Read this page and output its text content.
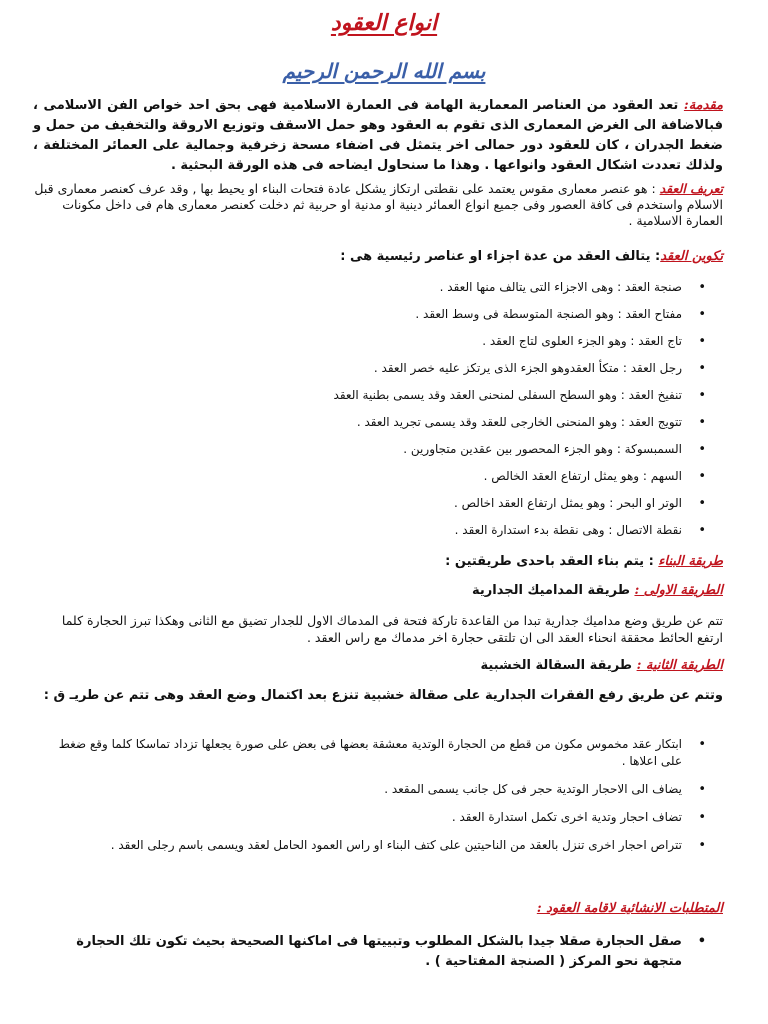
انواع العقود
بسم الله الرحمن الرحيم
مقدمة: تعد العقود من العناصر المعمارية الهامة فى العمارة الاسلامية فهى بحق احد خواص الفن الاسلامى ، فبالاضافة الى الغرض المعمارى الذى تقوم به العقود وهو حمل الاسقف وتوزيع الاروقة والتخفيف من حمل و ضغط الجدران ، كان للعقود دور حمالى اخر يتمثل فى اضفاء مسحة زخرفية وجمالية على العمائر المختلفة ، ولذلك تعددت اشكال العقود وانواعها . وهذا ما سنحاول ايضاحه فى هذه الورقة البحثية .
تعريف العقد : هو عنصر معمارى مقوس يعتمد على نقطتى ارتكاز يشكل عادة فتحات البناء او يحيط بها , وقد عرف كعنصر معمارى قبل الاسلام واستخدم فى كافة العصور وفى جميع انواع العمائر دينية او مدنية او حربية ثم دخلت كعنصر معمارى هام فى داخل مكونات العمارة الاسلامية .
تكوين العقد: يتالف العقد من عدة اجزاء او عناصر رئيسية هى :
• صنجة العقد : وهى الاجزاء التى يتالف منها العقد .
• مفتاح العقد : وهو الصنجة المتوسطة فى وسط العقد .
• تاج العقد : وهو الجزء العلوى لتاج العقد .
• رجل العقد : متكأ العقدوهو الجزء الذى يرتكز عليه خصر العقد .
• تنفيخ العقد : وهو السطح السفلى لمنحنى العقد وقد يسمى بطنية العقد
• تتويج العقد : وهو المنحنى الخارجى للعقد وقد يسمى تجريد العقد .
• السمبسوكة : وهو الجزء المحصور بين عقدين متجاورين .
• السهم : وهو يمثل ارتفاع العقد الخالص .
• الوتر او البحر : وهو يمثل ارتفاع العقد اخالص .
• نقطة الاتصال : وهى نقطة بدء استدارة العقد .
طريقة البناء : يتم بناء العقد باحدى طريقتين :
الطريقة الاولى : طريقة المداميك الجدارية
تتم عن طريق وضع مداميك جدارية تبدا من القاعدة تاركة فتحة فى المدماك الاول للجدار تضيق مع الثانى وهكذا تبرز الحجارة كلما ارتفع الحائط محققة انحناء العقد الى ان تلتقى حجارة اخر مدماك مع راس العقد .
الطريقة الثانية : طريقة السقالة الخشبية
وتتم عن طريق رفع الفقرات الجدارية على صقالة خشبية تنزع بعد اكتمال وضع العقد وهى تتم عن طريـ ق :
• ابتكار عقد مخموس مكون من قطع من الحجارة الوتدية معشقة بعضها فى بعض على صورة يجعلها تزداد تماسكا كلما وقع ضغط على اعلاها .
• يضاف الى الاحجار الوتدية حجر فى كل جانب يسمى المقعد .
• تضاف احجار وتدية اخرى تكمل استدارة العقد .
• تتراص احجار اخرى تنزل بالعقد من الناحيتين على كتف البناء او راس العمود الحامل لعقد ويسمى باسم رجلى العقد .
المتطلبات الانشائية لاقامة العقود :
• صقل الحجارة صقلا جيدا بالشكل المطلوب وتبييتها فى اماكنها الصحيحة بحيث تكون تلك الحجارة متجهة نحو المركز ( الصنجة المفتاحية ) .
